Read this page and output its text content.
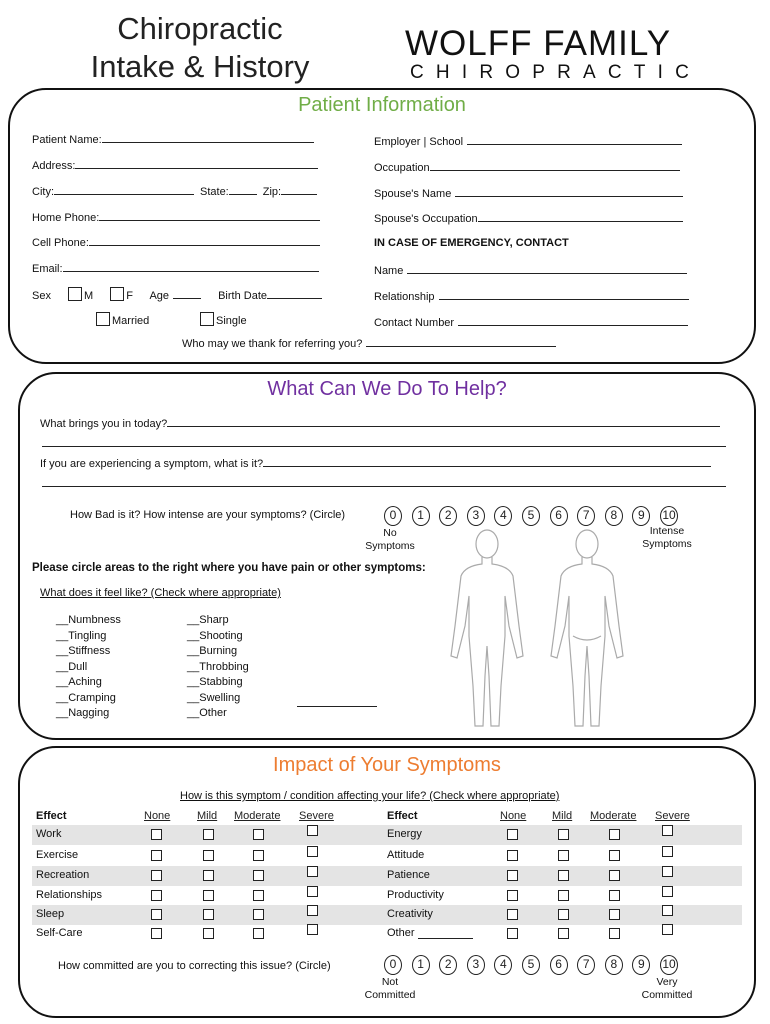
Chiropractic
Intake & History
WOLFF FAMILY
CHIROPRACTIC
Patient Information
Patient Name:
Address:
City:	State:	Zip:
Home Phone:
Cell Phone:
Email:
Sex	M	F Age	Birth Date
Married	Single
Employer | School
Occupation
Spouse's Name
Spouse's Occupation
IN CASE OF EMERGENCY, CONTACT
Name
Relationship
Contact Number
Who may we thank for referring you?
What Can We Do To Help?
What brings you in today?
If you are experiencing a symptom, what is it?
How Bad is it? How intense are your symptoms? (Circle)	0	1	2	3	4	5	6	7	8	9	10
No
Symptoms
Intense
Symptoms
Please circle areas to the right where you have pain or other symptoms:
What does it feel like? (Check where appropriate)
__Numbness
__Tingling
__Stiffness
__Dull
__Aching
__Cramping
__Nagging
__Sharp
__Shooting
__Burning
__Throbbing
__Stabbing
__Swelling
__Other
Impact of Your Symptoms
How is this symptom / condition affecting your life? (Check where appropriate)
Effect	None Mild Moderate Severe	Effect	None Mild Moderate Severe
Work	Energy
Exercise	Attitude
Recreation	Patience
Relationships	Productivity
Sleep	Creativity
Self-Care	Other
How committed are you to correcting this issue? (Circle)	0	1	2	3	4	5	6	7	8	9	10
Not
Committed
Very
Committed
